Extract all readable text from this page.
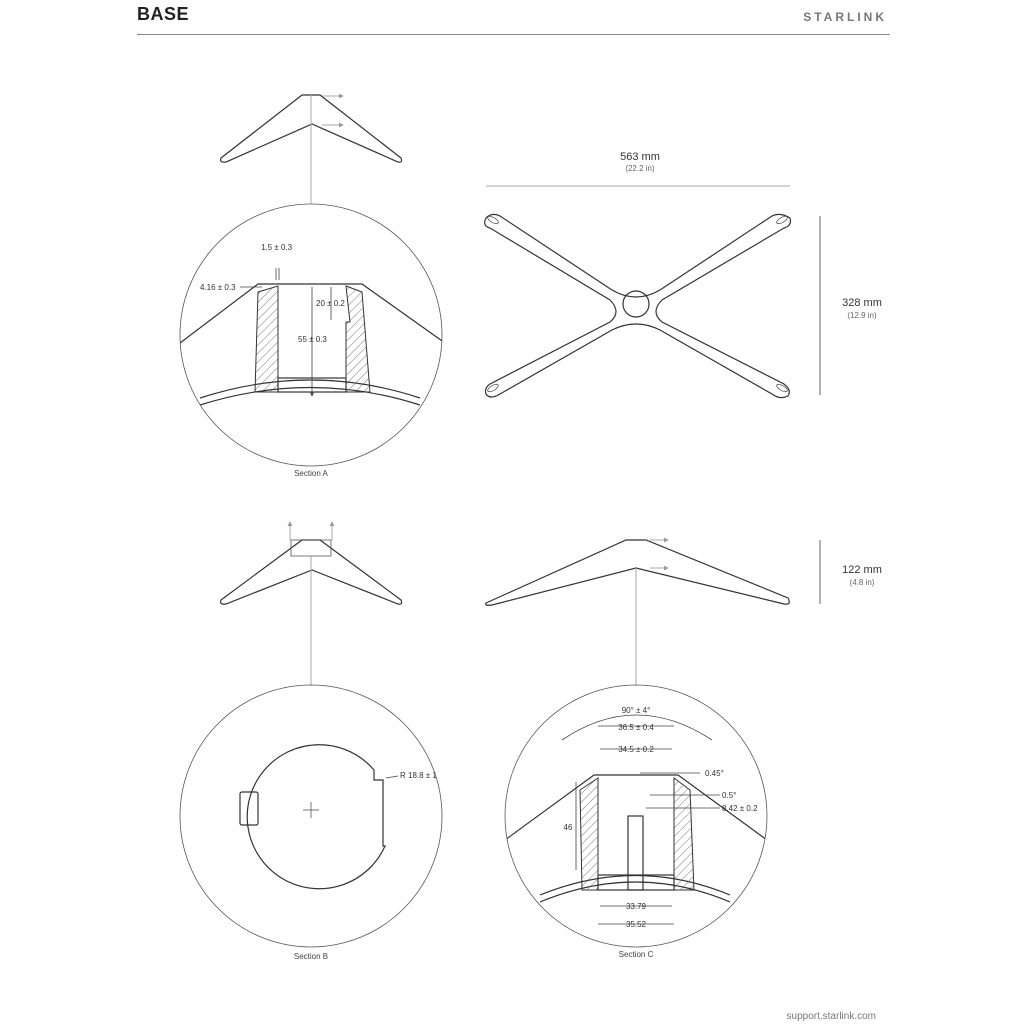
BASE	STARLINK
1.5 ± 0.3
4.16 ± 0.3
20 ± 0.2
55 ± 0.3
Section A
563 mm
(22.2 in)
328 mm
(12.9 in)
R 18.8 ± 1
Section B
122 mm
(4.8 in)
90° ± 4°
36.5 ± 0.4
34.5 ± 0.2
0.45°
0.5°
8.42 ± 0.2
46
33.79
35.52
Section C
support.starlink.com
